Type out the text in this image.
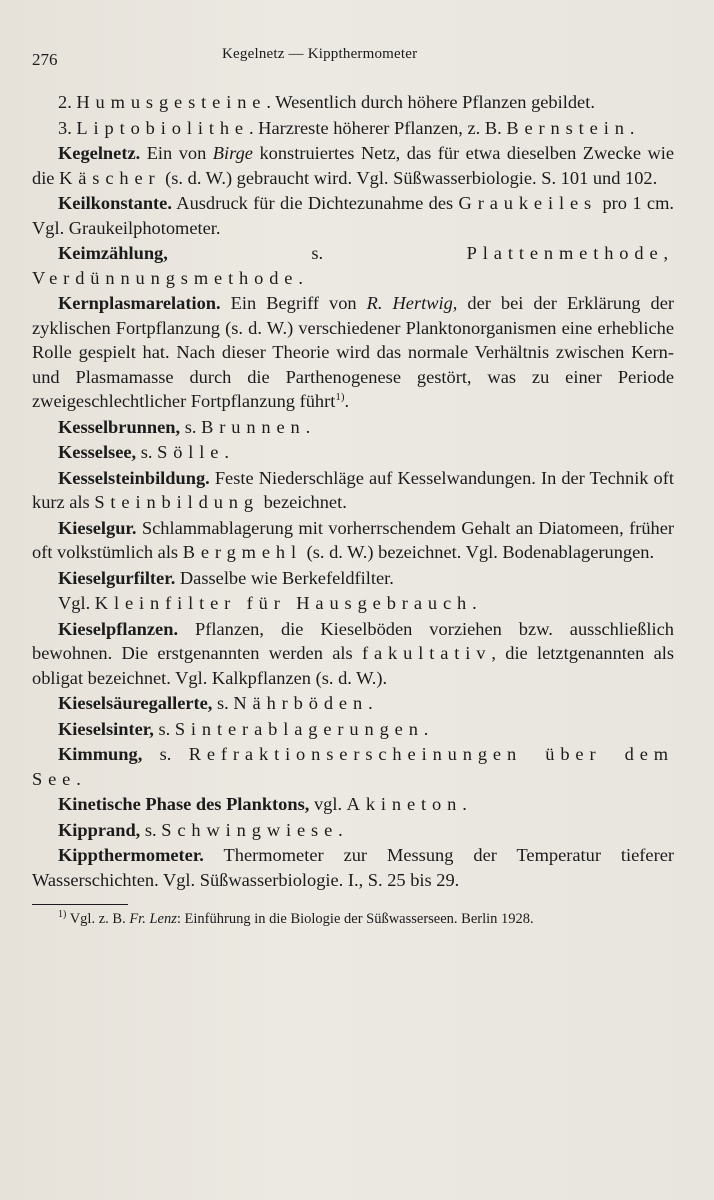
276	Kegelnetz — Kippthermometer

2. Humusgesteine. Wesentlich durch höhere Pflanzen gebildet.

3. Liptobiolithe. Harzreste höherer Pflanzen, z. B. Bernstein.

Kegelnetz. Ein von Birge konstruiertes Netz, das für etwa dieselben Zwecke wie die Käscher (s. d. W.) gebraucht wird. Vgl. Süßwasserbiologie. S. 101 und 102.

Keilkonstante. Ausdruck für die Dichtezunahme des Graukeiles pro 1 cm. Vgl. Graukeilphotometer.

Keimzählung, s. Plattenmethode, Verdünnungsmethode.

Kernplasmarelation. Ein Begriff von R. Hertwig, der bei der Erklärung der zyklischen Fortpflanzung (s. d. W.) verschiedener Planktonorganismen eine erhebliche Rolle gespielt hat. Nach dieser Theorie wird das normale Verhältnis zwischen Kern- und Plasmamasse durch die Parthenogenese gestört, was zu einer Periode zweigeschlechtlicher Fortpflanzung führt$^{1)}$.

Kesselbrunnen, s. Brunnen.

Kesselsee, s. Sölle.

Kesselsteinbildung. Feste Niederschläge auf Kesselwandungen. In der Technik oft kurz als Steinbildung bezeichnet.

Kieselgur. Schlammablagerung mit vorherrschendem Gehalt an Diatomeen, früher oft volkstümlich als Bergmehl (s. d. W.) bezeichnet. Vgl. Bodenablagerungen.

Kieselgurfilter. Dasselbe wie Berkefeldfilter.

Vgl. Kleinfilter für Hausgebrauch.

Kieselpflanzen. Pflanzen, die Kieselböden vorziehen bzw. ausschließlich bewohnen. Die erstgenannten werden als fakultativ, die letztgenannten als obligat bezeichnet. Vgl. Kalkpflanzen (s. d. W.).

Kieselsäuregallerte, s. Nährböden.

Kieselsinter, s. Sinterablagerungen.

Kimmung, s. Refraktionserscheinungen über dem See.

Kinetische Phase des Planktons, vgl. Akineton.

Kipprand, s. Schwingwiese.

Kippthermometer. Thermometer zur Messung der Temperatur tieferer Wasserschichten. Vgl. Süßwasserbiologie. I., S. 25 bis 29.

$^{1)}$ Vgl. z. B. Fr. Lenz: Einführung in die Biologie der Süßwasserseen. Berlin 1928.
